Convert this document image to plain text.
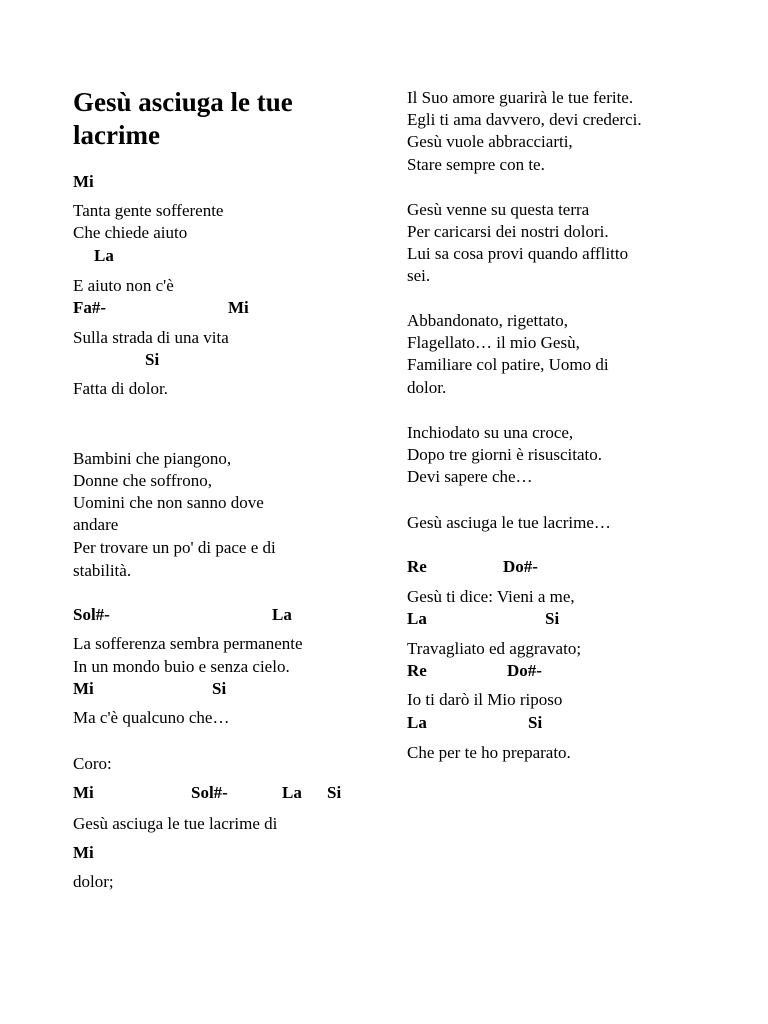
Gesù asciuga le tue lacrime
Mi
Tanta gente sofferente
Che chiede aiuto
La
E aiuto non c'è
Fa#-	Mi
Sulla strada di una vita
Si
Fatta di dolor.
Bambini che piangono,
Donne che soffrono,
Uomini che non sanno dove
andare
Per trovare un po' di pace e di
stabilità.
Sol#-	La
La sofferenza sembra permanente
In un mondo buio e senza cielo.
Mi	Si
Ma c'è qualcuno che…
Coro:
Mi	Sol#-	La Si
Gesù asciuga le tue lacrime di
Mi
dolor;
Il Suo amore guarirà le tue ferite.
Egli ti ama davvero, devi crederci.
Gesù vuole abbracciarti,
Stare sempre con te.
Gesù venne su questa terra
Per caricarsi dei nostri dolori.
Lui sa cosa provi quando afflitto
sei.
Abbandonato, rigettato,
Flagellato… il mio Gesù,
Familiare col patire, Uomo di
dolor.
Inchiodato su una croce,
Dopo tre giorni è risuscitato.
Devi sapere che…
Gesù asciuga le tue lacrime…
Re	Do#-
Gesù ti dice: Vieni a me,
La	Si
Travagliato ed aggravato;
Re	Do#-
Io ti darò il Mio riposo
La	Si
Che per te ho preparato.
